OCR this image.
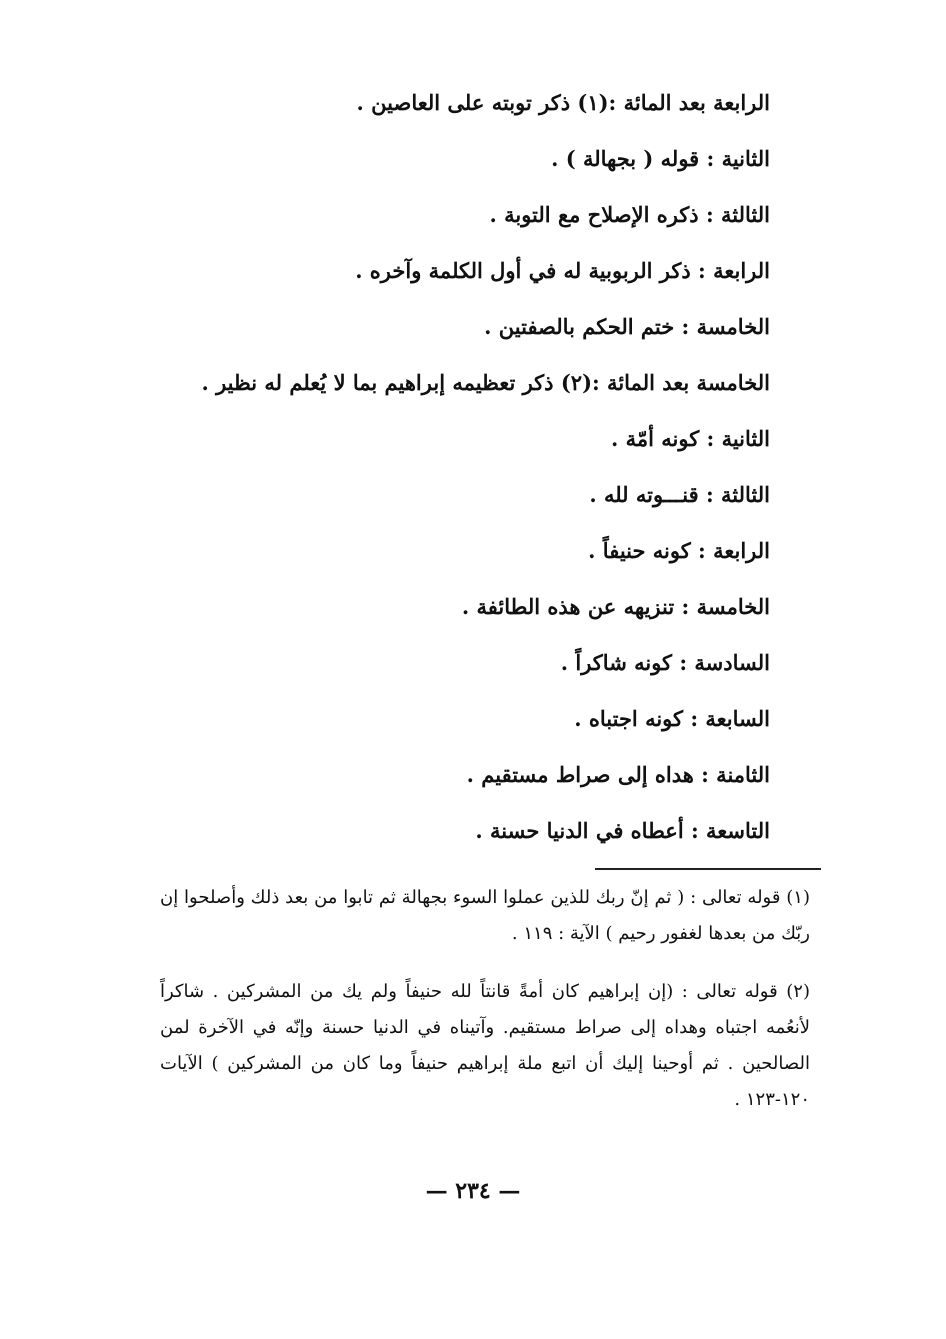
الرابعة بعد المائة :(١) ذكر توبته على العاصين .
الثانية : قوله ( بجهالة ) .
الثالثة : ذكره الإصلاح مع التوبة .
الرابعة : ذكر الربوبية له في أول الكلمة وآخره .
الخامسة : ختم الحكم بالصفتين .
الخامسة بعد المائة :(٢) ذكر تعظيمه إبراهيم بما لا يُعلم له نظير .
الثانية : كونه أمّة .
الثالثة : قنـــوته لله .
الرابعة : كونه حنيفاً .
الخامسة : تنزيهه عن هذه الطائفة .
السادسة : كونه شاكراً .
السابعة : كونه اجتباه .
الثامنة : هداه إلى صراط مستقيم .
التاسعة : أعطاه في الدنيا حسنة .
(١) قوله تعالى : ( ثم إنّ ربك للذين عملوا السوء بجهالة ثم تابوا من بعد ذلك وأصلحوا إن ربّك من بعدها لغفور رحيم ) الآية : ١١٩ .
(٢) قوله تعالى : (إن إبراهيم كان أمةً قانتاً لله حنيفاً ولم يك من المشركين . شاكراً لأنعُمه اجتباه وهداه إلى صراط مستقيم. وآتيناه في الدنيا حسنة وإنّه في الآخرة لمن الصالحين . ثم أوحينا إليك أن اتبع ملة إبراهيم حنيفاً وما كان من المشركين ) الآيات ١٢٠-١٢٣ .
— ٢٣٤ —
